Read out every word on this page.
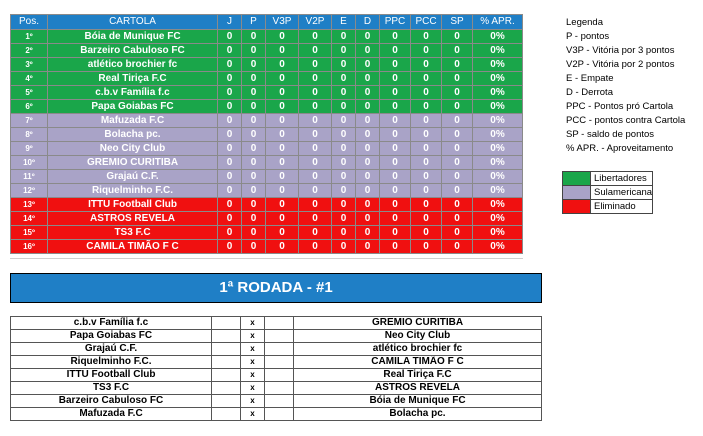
Pos.	CARTOLA	J	P	V3P	V2P	E	D	PPC	PCC	SP	% APR.
1º	Bóia de Munique FC	0	0	0	0	0	0	0	0	0	0%
2º	Barzeiro Cabuloso FC	0	0	0	0	0	0	0	0	0	0%
3º	atlético brochier fc	0	0	0	0	0	0	0	0	0	0%
4º	Real Tiriça F.C	0	0	0	0	0	0	0	0	0	0%
5º	c.b.v Família f.c	0	0	0	0	0	0	0	0	0	0%
6º	Papa Goiabas FC	0	0	0	0	0	0	0	0	0	0%
7º	Mafuzada F.C	0	0	0	0	0	0	0	0	0	0%
8º	Bolacha pc.	0	0	0	0	0	0	0	0	0	0%
9º	Neo City Club	0	0	0	0	0	0	0	0	0	0%
10º	GREMIO CURITIBA	0	0	0	0	0	0	0	0	0	0%
11º	Grajaú C.F.	0	0	0	0	0	0	0	0	0	0%
12º	Riquelminho F.C.	0	0	0	0	0	0	0	0	0	0%
13º	ITTU Football Club	0	0	0	0	0	0	0	0	0	0%
14º	ASTROS REVELA	0	0	0	0	0	0	0	0	0	0%
15º	TS3 F.C	0	0	0	0	0	0	0	0	0	0%
16º	CAMILA TIMÃO F C	0	0	0	0	0	0	0	0	0	0%
Legenda
P - pontos
V3P - Vitória por 3 pontos
V2P - Vitória por 2 pontos
E - Empate
D - Derrota
PPC - Pontos pró Cartola
PCC - pontos contra Cartola
SP - saldo de pontos
% APR. - Aproveitamento
	Libertadores
	Sulamericana
	Eliminado
1ª RODADA - #1
c.b.v Família f.c		x		GREMIO CURITIBA
Papa Goiabas FC		x		Neo City Club
Grajaú C.F.		x		atlético brochier fc
Riquelminho F.C.		x		CAMILA TIMÃO F C
ITTU Football Club		x		Real Tiriça F.C
TS3 F.C		x		ASTROS REVELA
Barzeiro Cabuloso FC		x		Bóia de Munique FC
Mafuzada F.C		x		Bolacha pc.
